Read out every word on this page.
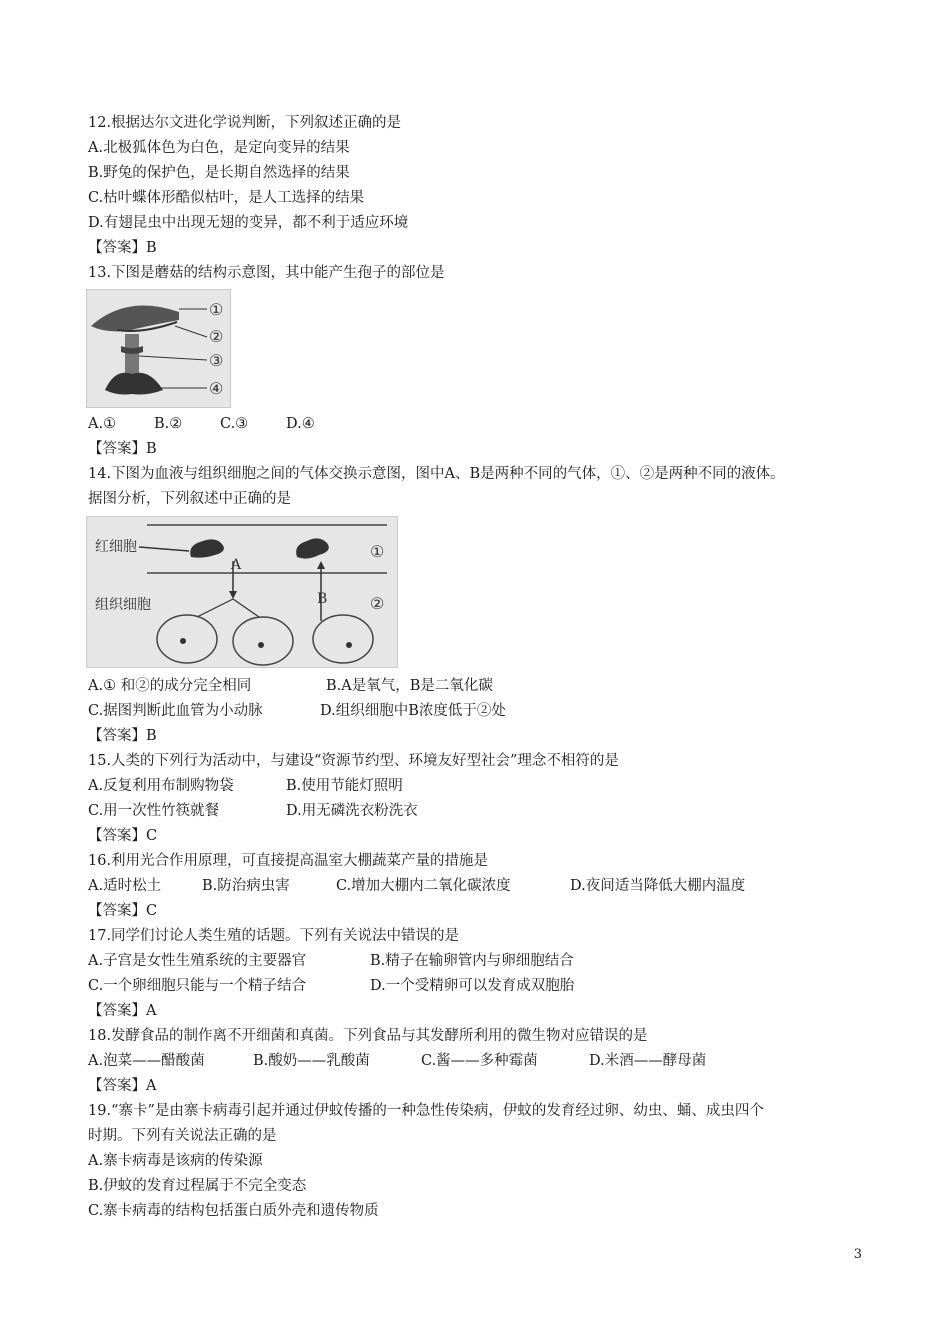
12.根据达尔文进化学说判断，下列叙述正确的是
A.北极狐体色为白色，是定向变异的结果
B.野兔的保护色，是长期自然选择的结果
C.枯叶蝶体形酷似枯叶，是人工选择的结果
D.有翅昆虫中出现无翅的变异，都不利于适应环境
【答案】B
13.下图是蘑菇的结构示意图，其中能产生孢子的部位是
①
②
③
④
A.①	B.②	C.③	D.④
【答案】B
14.下图为血液与组织细胞之间的气体交换示意图，图中A、B是两种不同的气体，①、②是两种不同的液体。
据图分析，下列叙述中正确的是
红细胞
组织细胞
A
B
①
②
A.① 和②的成分完全相同	B.A是氧气，B是二氧化碳
C.据图判断此血管为小动脉	D.组织细胞中B浓度低于②处
【答案】B
15.人类的下列行为活动中，与建设“资源节约型、环境友好型社会”理念不相符的是
A.反复利用布制购物袋	B.使用节能灯照明
C.用一次性竹筷就餐	D.用无磷洗衣粉洗衣
【答案】C
16.利用光合作用原理，可直接提高温室大棚蔬菜产量的措施是
A.适时松土	B.防治病虫害	C.增加大棚内二氧化碳浓度	D.夜间适当降低大棚内温度
【答案】C
17.同学们讨论人类生殖的话题。下列有关说法中错误的是
A.子宫是女性生殖系统的主要器官	B.精子在输卵管内与卵细胞结合
C.一个卵细胞只能与一个精子结合	D.一个受精卵可以发育成双胞胎
【答案】A
18.发酵食品的制作离不开细菌和真菌。下列食品与其发酵所利用的微生物对应错误的是
A.泡菜——醋酸菌	B.酸奶——乳酸菌	C.酱——多种霉菌	D.米酒——酵母菌
【答案】A
19.“寨卡”是由寨卡病毒引起并通过伊蚊传播的一种急性传染病，伊蚊的发育经过卵、幼虫、蛹、成虫四个
时期。下列有关说法正确的是
A.寨卡病毒是该病的传染源
B.伊蚊的发育过程属于不完全变态
C.寨卡病毒的结构包括蛋白质外壳和遗传物质
3
